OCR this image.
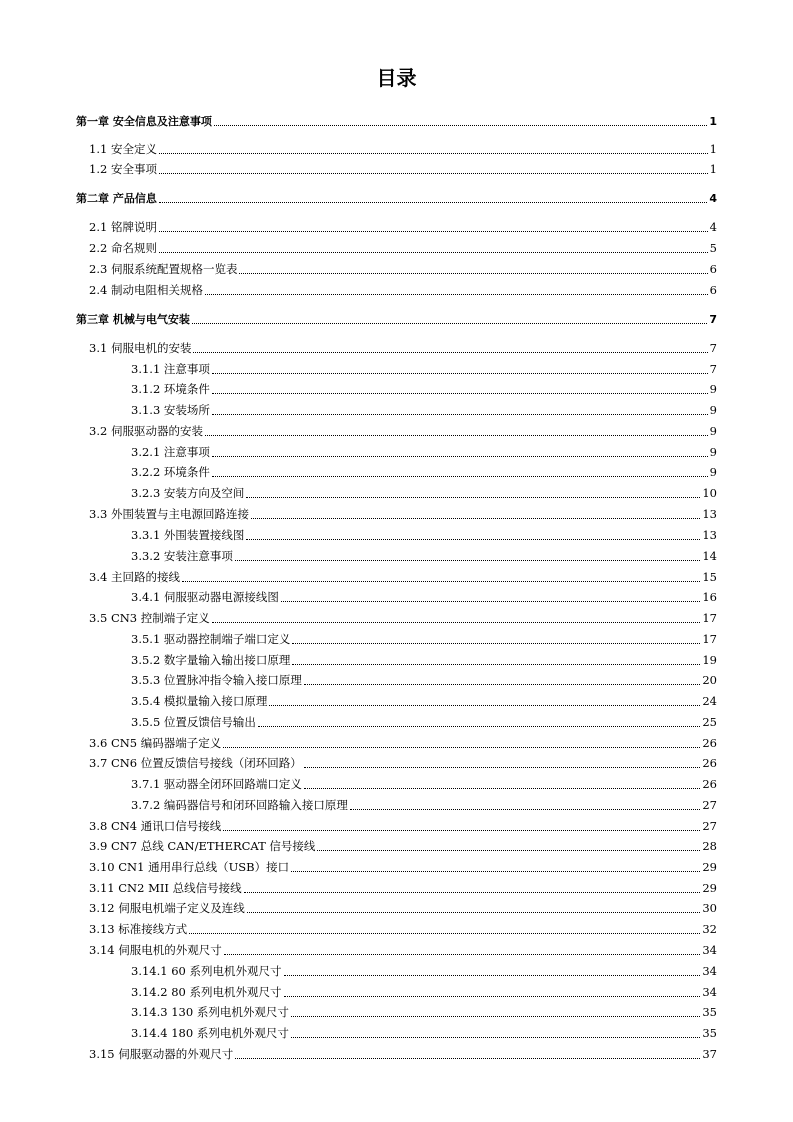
目录
第一章 安全信息及注意事项	1
1.1 安全定义	1
1.2 安全事项	1
第二章 产品信息	4
2.1 铭牌说明	4
2.2 命名规则	5
2.3 伺服系统配置规格一览表	6
2.4 制动电阻相关规格	6
第三章 机械与电气安装	7
3.1 伺服电机的安装	7
3.1.1 注意事项	7
3.1.2 环境条件	9
3.1.3 安装场所	9
3.2 伺服驱动器的安装	9
3.2.1 注意事项	9
3.2.2 环境条件	9
3.2.3 安装方向及空间	10
3.3 外围装置与主电源回路连接	13
3.3.1 外围装置接线图	13
3.3.2 安装注意事项	14
3.4 主回路的接线	15
3.4.1 伺服驱动器电源接线图	16
3.5 CN3 控制端子定义	17
3.5.1 驱动器控制端子端口定义	17
3.5.2 数字量输入输出接口原理	19
3.5.3 位置脉冲指令输入接口原理	20
3.5.4 模拟量输入接口原理	24
3.5.5 位置反馈信号输出	25
3.6 CN5 编码器端子定义	26
3.7 CN6 位置反馈信号接线（闭环回路）	26
3.7.1 驱动器全闭环回路端口定义	26
3.7.2 编码器信号和闭环回路输入接口原理	27
3.8 CN4 通讯口信号接线	27
3.9 CN7 总线 CAN/ETHERCAT 信号接线	28
3.10 CN1 通用串行总线（USB）接口	29
3.11 CN2 MII 总线信号接线	29
3.12 伺服电机端子定义及连线	30
3.13 标准接线方式	32
3.14 伺服电机的外观尺寸	34
3.14.1 60 系列电机外观尺寸	34
3.14.2 80 系列电机外观尺寸	34
3.14.3 130 系列电机外观尺寸	35
3.14.4 180 系列电机外观尺寸	35
3.15 伺服驱动器的外观尺寸	37
